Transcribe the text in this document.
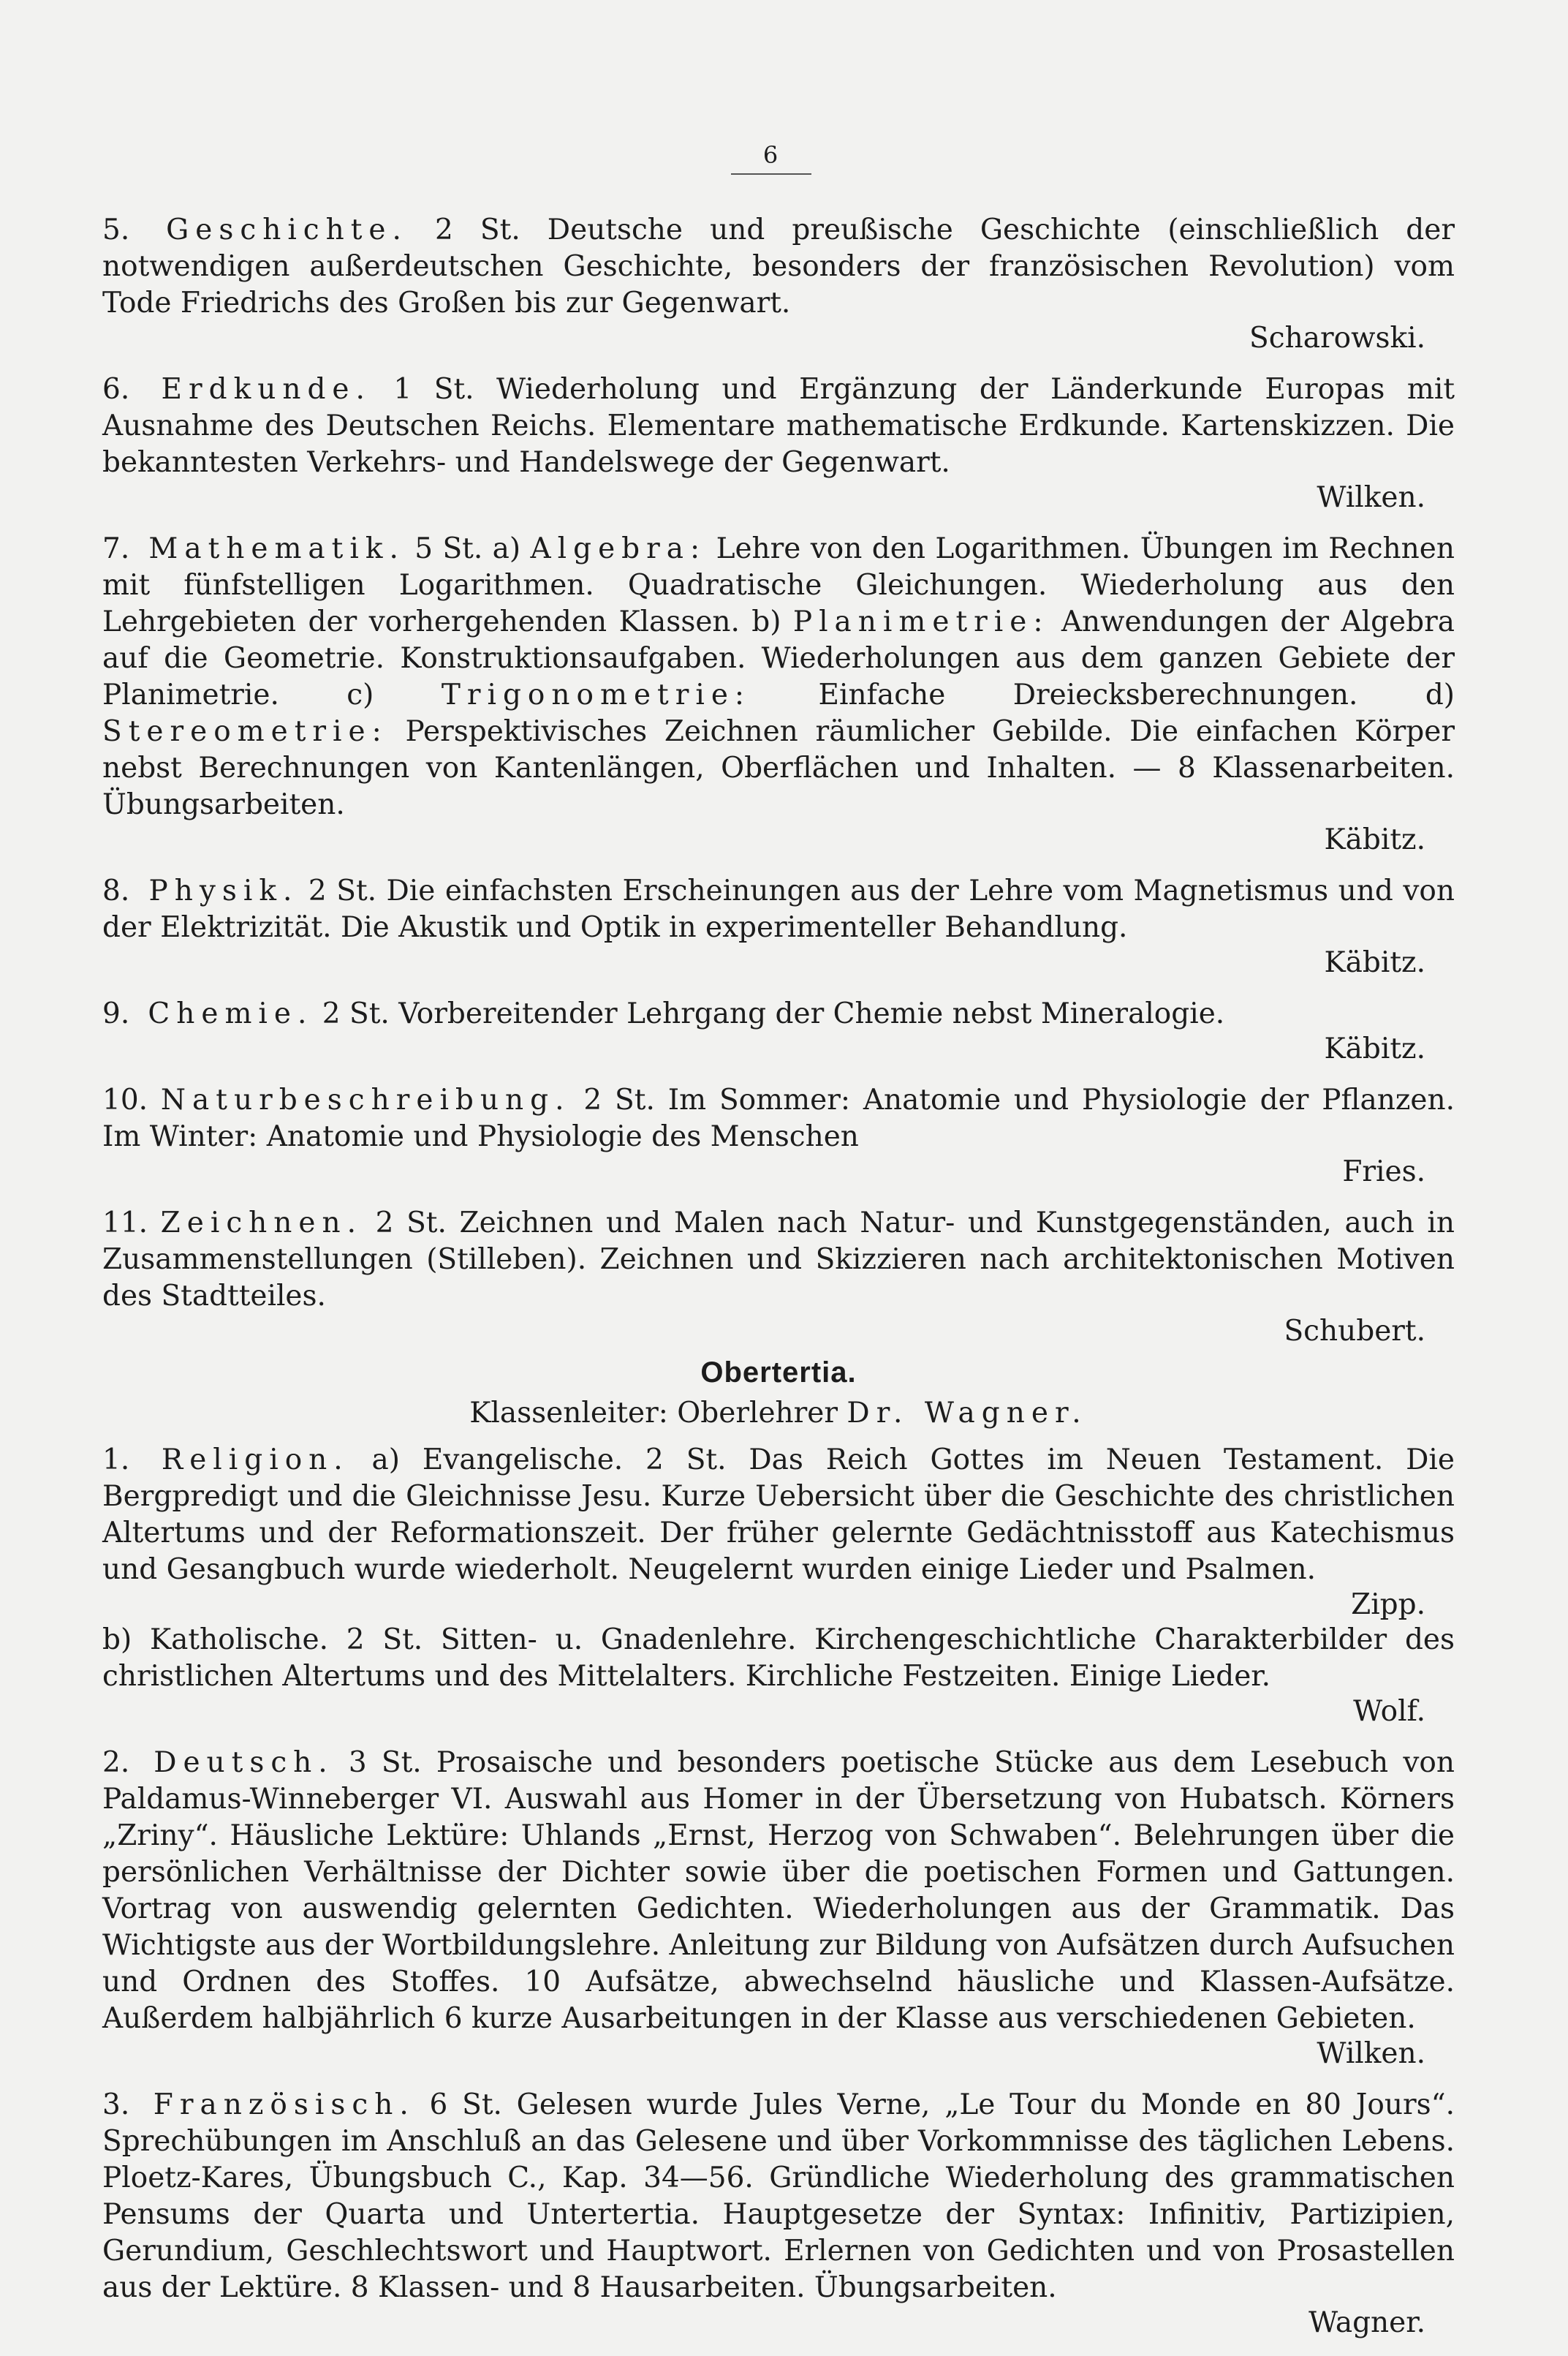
6

5. Geschichte. 2 St. Deutsche und preußische Geschichte (einschließlich der notwendigen außerdeutschen Geschichte, besonders der französischen Revolution) vom Tode Friedrichs des Großen bis zur Gegenwart.

Scharowski.

6. Erdkunde. 1 St. Wiederholung und Ergänzung der Länderkunde Europas mit Ausnahme des Deutschen Reichs. Elementare mathematische Erdkunde. Kartenskizzen. Die bekanntesten Verkehrs- und Handelswege der Gegenwart.

Wilken.

7. Mathematik. 5 St. a) Algebra: Lehre von den Logarithmen. Übungen im Rechnen mit fünfstelligen Logarithmen. Quadratische Gleichungen. Wiederholung aus den Lehrgebieten der vorhergehenden Klassen. b) Planimetrie: Anwendungen der Algebra auf die Geometrie. Konstruktionsaufgaben. Wiederholungen aus dem ganzen Gebiete der Planimetrie. c) Trigonometrie: Einfache Dreiecksberechnungen. d) Stereometrie: Perspektivisches Zeichnen räumlicher Gebilde. Die einfachen Körper nebst Berechnungen von Kantenlängen, Oberflächen und Inhalten. — 8 Klassenarbeiten. Übungsarbeiten.

Käbitz.

8. Physik. 2 St. Die einfachsten Erscheinungen aus der Lehre vom Magnetismus und von der Elektrizität. Die Akustik und Optik in experimenteller Behandlung.

Käbitz.

9. Chemie. 2 St. Vorbereitender Lehrgang der Chemie nebst Mineralogie.

Käbitz.

10. Naturbeschreibung. 2 St. Im Sommer: Anatomie und Physiologie der Pflanzen. Im Winter: Anatomie und Physiologie des Menschen

Fries.

11. Zeichnen. 2 St. Zeichnen und Malen nach Natur- und Kunstgegenständen, auch in Zusammenstellungen (Stilleben). Zeichnen und Skizzieren nach architektonischen Motiven des Stadtteiles.

Schubert.
Obertertia.
Klassenleiter: Oberlehrer Dr. Wagner.

1. Religion. a) Evangelische. 2 St. Das Reich Gottes im Neuen Testament. Die Bergpredigt und die Gleichnisse Jesu. Kurze Uebersicht über die Geschichte des christlichen Altertums und der Reformationszeit. Der früher gelernte Gedächtnisstoff aus Katechismus und Gesangbuch wurde wiederholt. Neugelernt wurden einige Lieder und Psalmen.

Zipp.

b) Katholische. 2 St. Sitten- u. Gnadenlehre. Kirchengeschichtliche Charakterbilder des christlichen Altertums und des Mittelalters. Kirchliche Festzeiten. Einige Lieder.

Wolf.

2. Deutsch. 3 St. Prosaische und besonders poetische Stücke aus dem Lesebuch von Paldamus-Winneberger VI. Auswahl aus Homer in der Übersetzung von Hubatsch. Körners „Zriny“. Häusliche Lektüre: Uhlands „Ernst, Herzog von Schwaben“. Belehrungen über die persönlichen Verhältnisse der Dichter sowie über die poetischen Formen und Gattungen. Vortrag von auswendig gelernten Gedichten. Wiederholungen aus der Grammatik. Das Wichtigste aus der Wortbildungslehre. Anleitung zur Bildung von Aufsätzen durch Aufsuchen und Ordnen des Stoffes. 10 Aufsätze, abwechselnd häusliche und Klassen-Aufsätze. Außerdem halbjährlich 6 kurze Ausarbeitungen in der Klasse aus verschiedenen Gebieten.

Wilken.

3. Französisch. 6 St. Gelesen wurde Jules Verne, „Le Tour du Monde en 80 Jours“. Sprechübungen im Anschluß an das Gelesene und über Vorkommnisse des täglichen Lebens. Ploetz-Kares, Übungsbuch C., Kap. 34—56. Gründliche Wiederholung des grammatischen Pensums der Quarta und Untertertia. Hauptgesetze der Syntax: Infinitiv, Partizipien, Gerundium, Geschlechtswort und Hauptwort. Erlernen von Gedichten und von Prosastellen aus der Lektüre. 8 Klassen- und 8 Hausarbeiten. Übungsarbeiten.

Wagner.
